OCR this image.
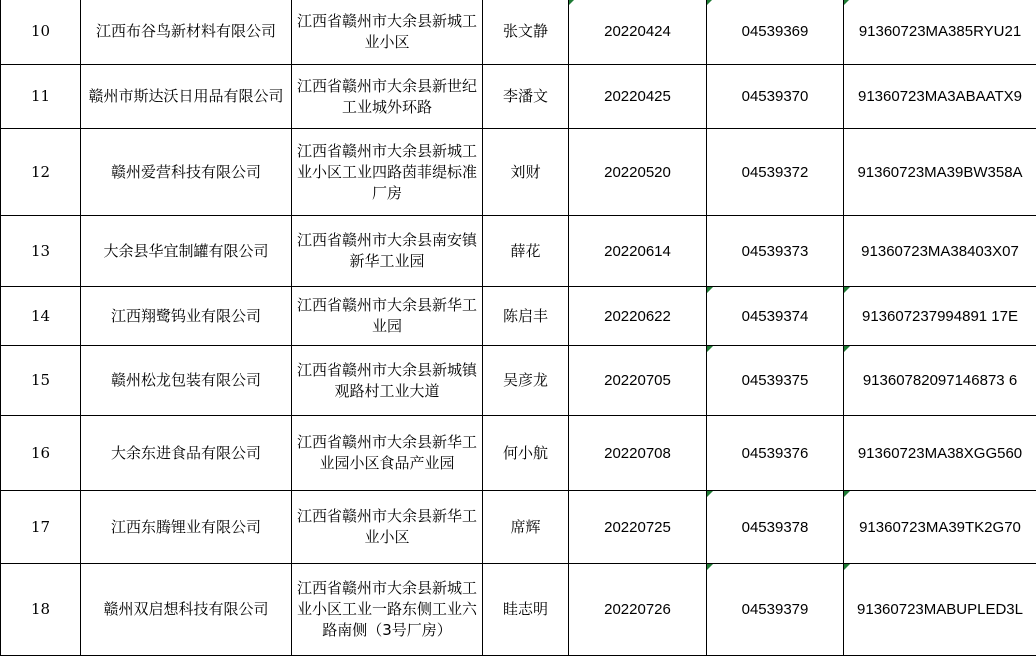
10	江西布谷鸟新材料有限公司	江西省赣州市大余县新城工业小区	张文静	20220424	04539369	91360723MA385RYU21
11	赣州市斯达沃日用品有限公司	江西省赣州市大余县新世纪工业城外环路	李潘文	20220425	04539370	91360723MA3ABAATX9
12	赣州爱营科技有限公司	江西省赣州市大余县新城工业小区工业四路茵菲缇标准厂房	刘财	20220520	04539372	91360723MA39BW358A
13	大余县华宜制罐有限公司	江西省赣州市大余县南安镇新华工业园	薛花	20220614	04539373	91360723MA38403X07
14	江西翔鹭钨业有限公司	江西省赣州市大余县新华工业园	陈启丰	20220622	04539374	913607237994891 17E
15	赣州松龙包装有限公司	江西省赣州市大余县新城镇观路村工业大道	吴彦龙	20220705	04539375	91360782097146873 6
16	大余东进食品有限公司	江西省赣州市大余县新华工业园小区食品产业园	何小航	20220708	04539376	91360723MA38XGG560
17	江西东腾锂业有限公司	江西省赣州市大余县新华工业小区	席辉	20220725	04539378	91360723MA39TK2G70
18	赣州双启想科技有限公司	江西省赣州市大余县新城工业小区工业一路东侧工业六路南侧（3号厂房）	眭志明	20220726	04539379	91360723MABUPLED3L
